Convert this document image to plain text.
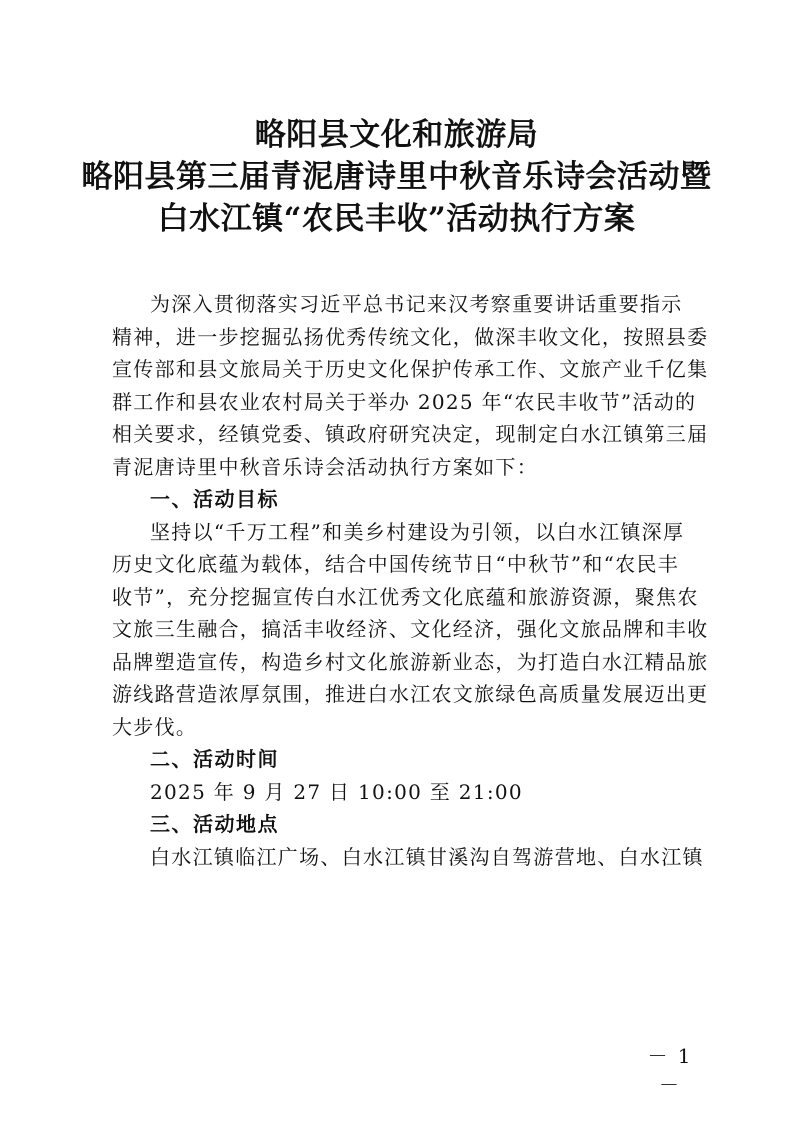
略阳县文化和旅游局
略阳县第三届青泥唐诗里中秋音乐诗会活动暨
白水江镇“农民丰收”活动执行方案
为深入贯彻落实习近平总书记来汉考察重要讲话重要指示
精神，进一步挖掘弘扬优秀传统文化，做深丰收文化，按照县委
宣传部和县文旅局关于历史文化保护传承工作、文旅产业千亿集
群工作和县农业农村局关于举办 2025 年“农民丰收节”活动的
相关要求，经镇党委、镇政府研究决定，现制定白水江镇第三届
青泥唐诗里中秋音乐诗会活动执行方案如下：
一、活动目标
坚持以“千万工程”和美乡村建设为引领，以白水江镇深厚
历史文化底蕴为载体，结合中国传统节日“中秋节”和“农民丰
收节”，充分挖掘宣传白水江优秀文化底蕴和旅游资源，聚焦农
文旅三生融合，搞活丰收经济、文化经济，强化文旅品牌和丰收
品牌塑造宣传，构造乡村文化旅游新业态，为打造白水江精品旅
游线路营造浓厚氛围，推进白水江农文旅绿色高质量发展迈出更
大步伐。
二、活动时间
2025 年 9 月 27 日 10:00 至 21:00
三、活动地点
白水江镇临江广场、白水江镇甘溪沟自驾游营地、白水江镇
－ 1 －
